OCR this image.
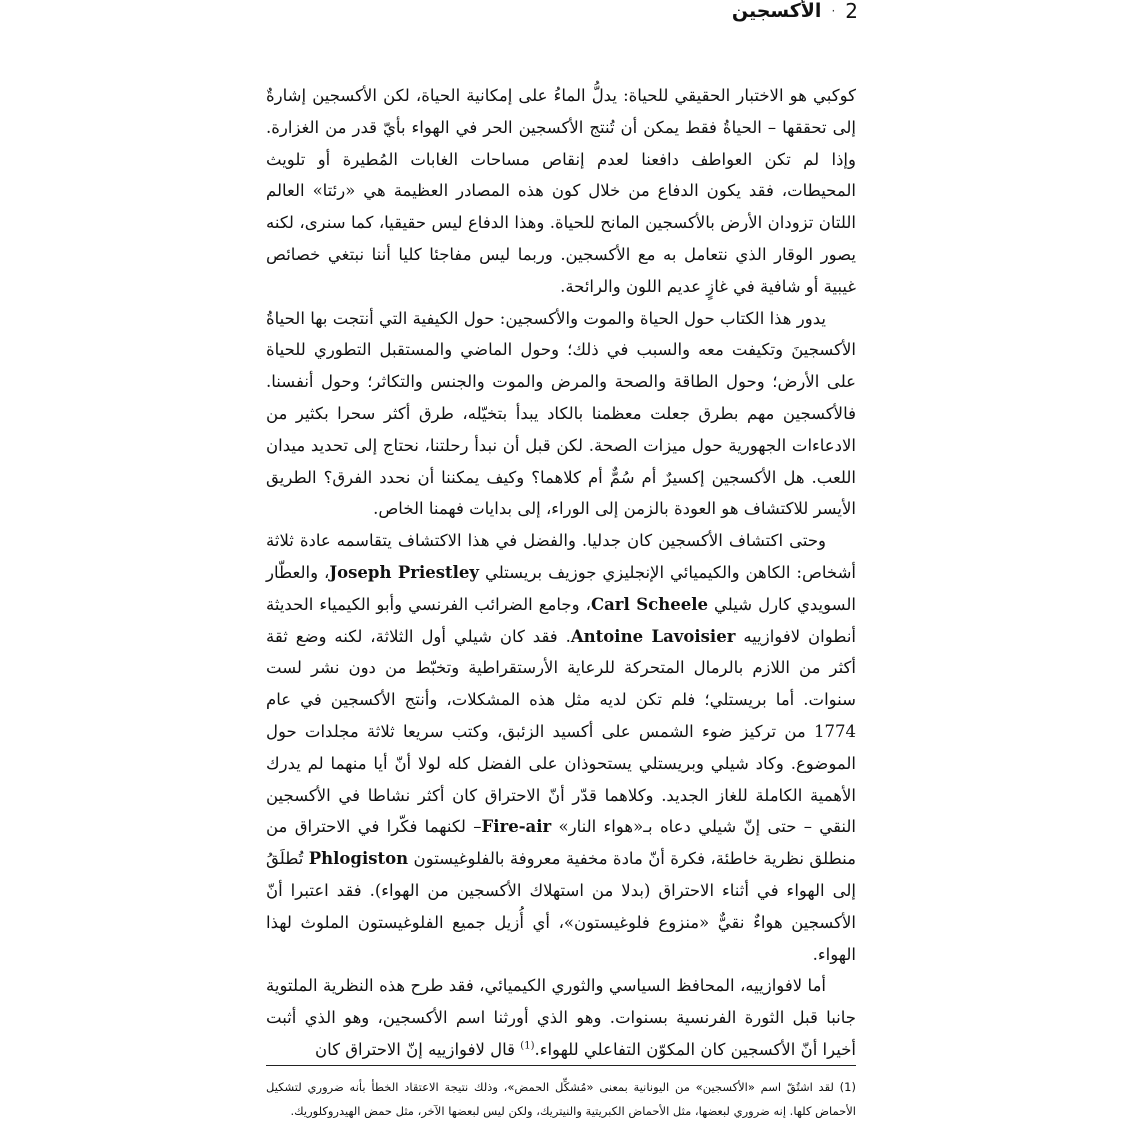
2
·
الأكسجين

كوكبي هو الاختبار الحقيقي للحياة: يدلُّ الماءُ على إمكانية الحياة، لكن الأكسجين إشارةٌ إلى تحققها – الحياةُ فقط يمكن أن تُنتج الأكسجين الحر في الهواء بأيّ قدر من الغزارة. وإذا لم تكن العواطف دافعنا لعدم إنقاص مساحات الغابات المُطيرة أو تلويث المحيطات، فقد يكون الدفاع من خلال كون هذه المصادر العظيمة هي «رئتا» العالم اللتان تزودان الأرض بالأكسجين المانح للحياة. وهذا الدفاع ليس حقيقيا، كما سنرى، لكنه يصور الوقار الذي نتعامل به مع الأكسجين. وربما ليس مفاجئا كليا أننا نبتغي خصائص غيبية أو شافية في غازٍ عديم اللون والرائحة.

يدور هذا الكتاب حول الحياة والموت والأكسجين: حول الكيفية التي أنتجت بها الحياةُ الأكسجينَ وتكيفت معه والسبب في ذلك؛ وحول الماضي والمستقبل التطوري للحياة على الأرض؛ وحول الطاقة والصحة والمرض والموت والجنس والتكاثر؛ وحول أنفسنا. فالأكسجين مهم بطرق جعلت معظمنا بالكاد يبدأ بتخيّله، طرق أكثر سحرا بكثير من الادعاءات الجهورية حول ميزات الصحة. لكن قبل أن نبدأ رحلتنا، نحتاج إلى تحديد ميدان اللعب. هل الأكسجين إكسيرٌ أم سُمٌّ أم كلاهما؟ وكيف يمكننا أن نحدد الفرق؟ الطريق الأيسر للاكتشاف هو العودة بالزمن إلى الوراء، إلى بدايات فهمنا الخاص.

وحتى اكتشاف الأكسجين كان جدليا. والفضل في هذا الاكتشاف يتقاسمه عادة ثلاثة أشخاص: الكاهن والكيميائي الإنجليزي جوزيف بريستلي Joseph Priestley، والعطّار السويدي كارل شيلي Carl Scheele، وجامع الضرائب الفرنسي وأبو الكيمياء الحديثة أنطوان لافوازييه Antoine Lavoisier. فقد كان شيلي أول الثلاثة، لكنه وضع ثقة أكثر من اللازم بالرمال المتحركة للرعاية الأرستقراطية وتخبّط من دون نشر لست سنوات. أما بريستلي؛ فلم تكن لديه مثل هذه المشكلات، وأنتج الأكسجين في عام 1774 من تركيز ضوء الشمس على أكسيد الزئبق، وكتب سريعا ثلاثة مجلدات حول الموضوع. وكاد شيلي وبريستلي يستحوذان على الفضل كله لولا أنّ أيا منهما لم يدرك الأهمية الكاملة للغاز الجديد. وكلاهما قدّر أنّ الاحتراق كان أكثر نشاطا في الأكسجين النقي – حتى إنّ شيلي دعاه بـ«هواء النار» Fire-air– لكنهما فكّرا في الاحتراق من منطلق نظرية خاطئة، فكرة أنّ مادة مخفية معروفة بالفلوغيستون Phlogiston تُطلَقُ إلى الهواء في أثناء الاحتراق (بدلا من استهلاك الأكسجين من الهواء). فقد اعتبرا أنّ الأكسجين هواءٌ نقيٌّ «منزوع فلوغيستون»، أي أُزيل جميع الفلوغيستون الملوث لهذا الهواء.

أما لافوازييه، المحافظ السياسي والثوري الكيميائي، فقد طرح هذه النظرية الملتوية جانبا قبل الثورة الفرنسية بسنوات. وهو الذي أورثنا اسم الأكسجين، وهو الذي أثبت أخيرا أنّ الأكسجين كان المكوّن التفاعلي للهواء.$^{(1)}$ قال لافوازييه إنّ الاحتراق كان

(1) لقد اشتُقّ اسم «الأكسجين» من اليونانية بمعنى «مُشكِّل الحمض»، وذلك نتيجة الاعتقاد الخطأ بأنه ضروري لتشكيل الأحماض كلها. إنه ضروري لبعضها، مثل الأحماض الكبريتية والنيتريك، ولكن ليس لبعضها الآخر، مثل حمض الهيدروكلوريك.
